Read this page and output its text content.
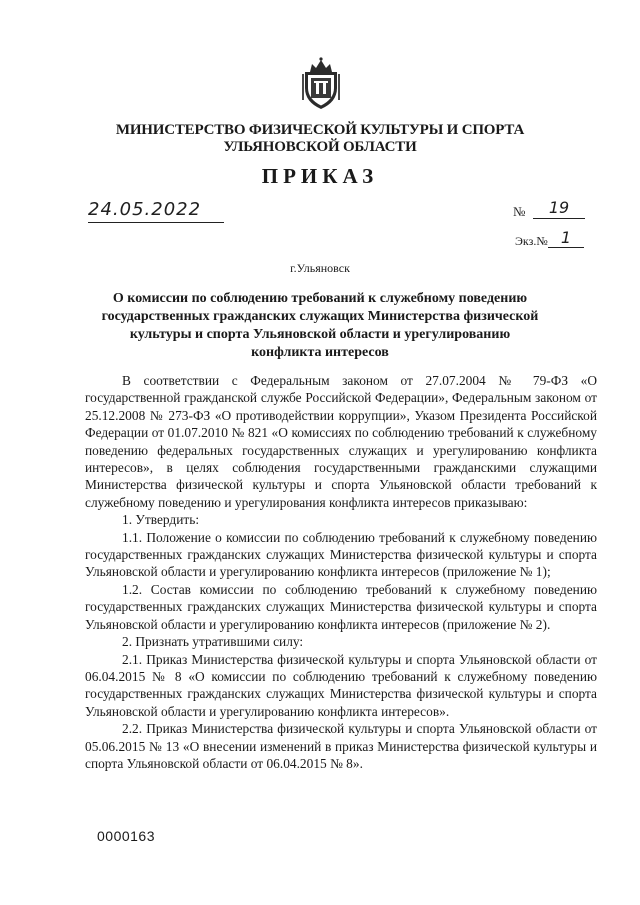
МИНИСТЕРСТВО ФИЗИЧЕСКОЙ КУЛЬТУРЫ И СПОРТА
УЛЬЯНОВСКОЙ ОБЛАСТИ
ПРИКАЗ
24.05.2022	№	19
Экз.№ 1
г.Ульяновск
О комиссии по соблюдению требований к служебному поведению государственных гражданских служащих Министерства физической культуры и спорта Ульяновской области и урегулированию конфликта интересов

В соответствии с Федеральным законом от 27.07.2004 № 79-ФЗ «О государственной гражданской службе Российской Федерации», Федеральным законом от 25.12.2008 № 273-ФЗ «О противодействии коррупции», Указом Президента Российской Федерации от 01.07.2010 № 821 «О комиссиях по соблюдению требований к служебному поведению федеральных государственных служащих и урегулированию конфликта интересов», в целях соблюдения государственными гражданскими служащими Министерства физической культуры и спорта Ульяновской области требований к служебному поведению и урегулирования конфликта интересов приказываю:

1. Утвердить:

1.1. Положение о комиссии по соблюдению требований к служебному поведению государственных гражданских служащих Министерства физической культуры и спорта Ульяновской области и урегулированию конфликта интересов (приложение № 1);

1.2. Состав комиссии по соблюдению требований к служебному поведению государственных гражданских служащих Министерства физической культуры и спорта Ульяновской области и урегулированию конфликта интересов (приложение № 2).

2. Признать утратившими силу:

2.1. Приказ Министерства физической культуры и спорта Ульяновской области от 06.04.2015 № 8 «О комиссии по соблюдению требований к служебному поведению государственных гражданских служащих Министерства физической культуры и спорта Ульяновской области и урегулированию конфликта интересов».

2.2. Приказ Министерства физической культуры и спорта Ульяновской области от 05.06.2015 № 13 «О внесении изменений в приказ Министерства физической культуры и спорта Ульяновской области от 06.04.2015 № 8».

0000163
